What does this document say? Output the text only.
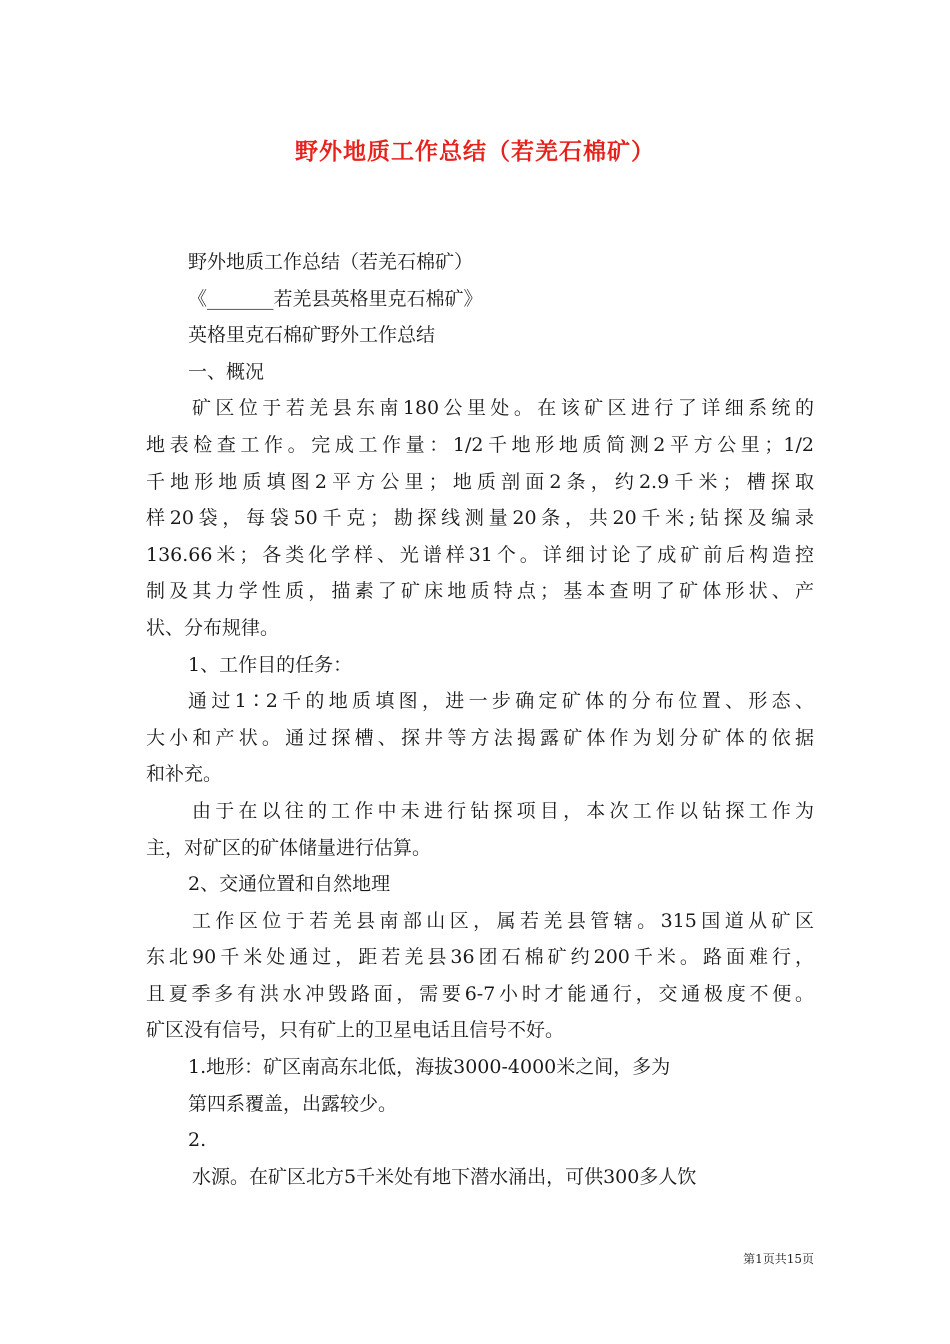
野外地质工作总结（若羌石棉矿）
野外地质工作总结（若羌石棉矿）
《_______若羌县英格里克石棉矿》
英格里克石棉矿野外工作总结
一、概况
矿区位于若羌县东南180公里处。在该矿区进行了详细系统的
地表检查工作。完成工作量：1/2千地形地质简测2平方公里；1/2
千地形地质填图2平方公里；地质剖面2条，约2.9千米；槽探取
样20袋，每袋50千克；勘探线测量20条，共20千米;钻探及编录
136.66米；各类化学样、光谱样31个。详细讨论了成矿前后构造控
制及其力学性质，描素了矿床地质特点；基本查明了矿体形状、产
状、分布规律。
1、工作目的任务：
通过1∶2千的地质填图，进一步确定矿体的分布位置、形态、
大小和产状。通过探槽、探井等方法揭露矿体作为划分矿体的依据
和补充。
由于在以往的工作中未进行钻探项目，本次工作以钻探工作为
主，对矿区的矿体储量进行估算。
2、交通位置和自然地理
工作区位于若羌县南部山区，属若羌县管辖。315国道从矿区
东北90千米处通过，距若羌县36团石棉矿约200千米。路面难行，
且夏季多有洪水冲毁路面，需要6-7小时才能通行，交通极度不便。
矿区没有信号，只有矿上的卫星电话且信号不好。
1.地形：矿区南高东北低，海拔3000-4000米之间，多为
第四系覆盖，出露较少。
2.
水源。在矿区北方5千米处有地下潜水涌出，可供300多人饮
第1页共15页
